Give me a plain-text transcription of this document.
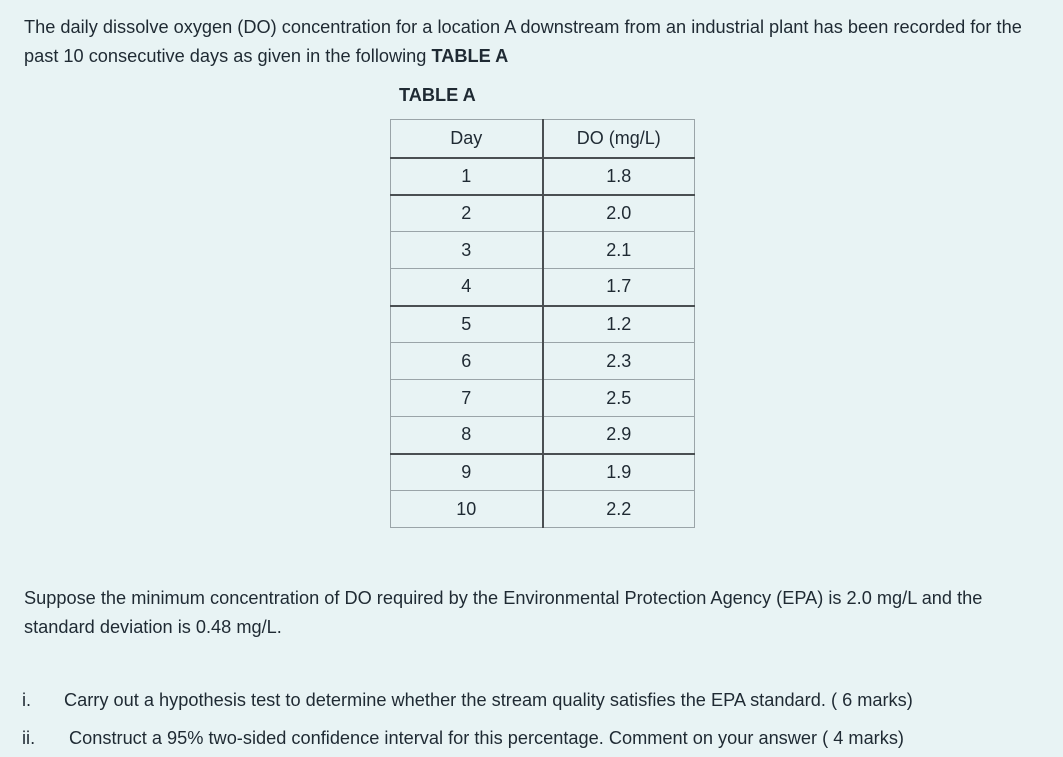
The daily dissolve oxygen (DO) concentration for a location A downstream from an industrial plant has been recorded for the past 10 consecutive days as given in the following TABLE A
TABLE A
Day	DO (mg/L)
1	1.8
2	2.0
3	2.1
4	1.7
5	1.2
6	2.3
7	2.5
8	2.9
9	1.9
10	2.2
Suppose the minimum concentration of DO required by the Environmental Protection Agency (EPA) is 2.0 mg/L and the standard deviation is 0.48 mg/L.
i. Carry out a hypothesis test to determine whether the stream quality satisfies the EPA standard. ( 6 marks)
ii. Construct a 95% two-sided confidence interval for this percentage. Comment on your answer ( 4 marks)
